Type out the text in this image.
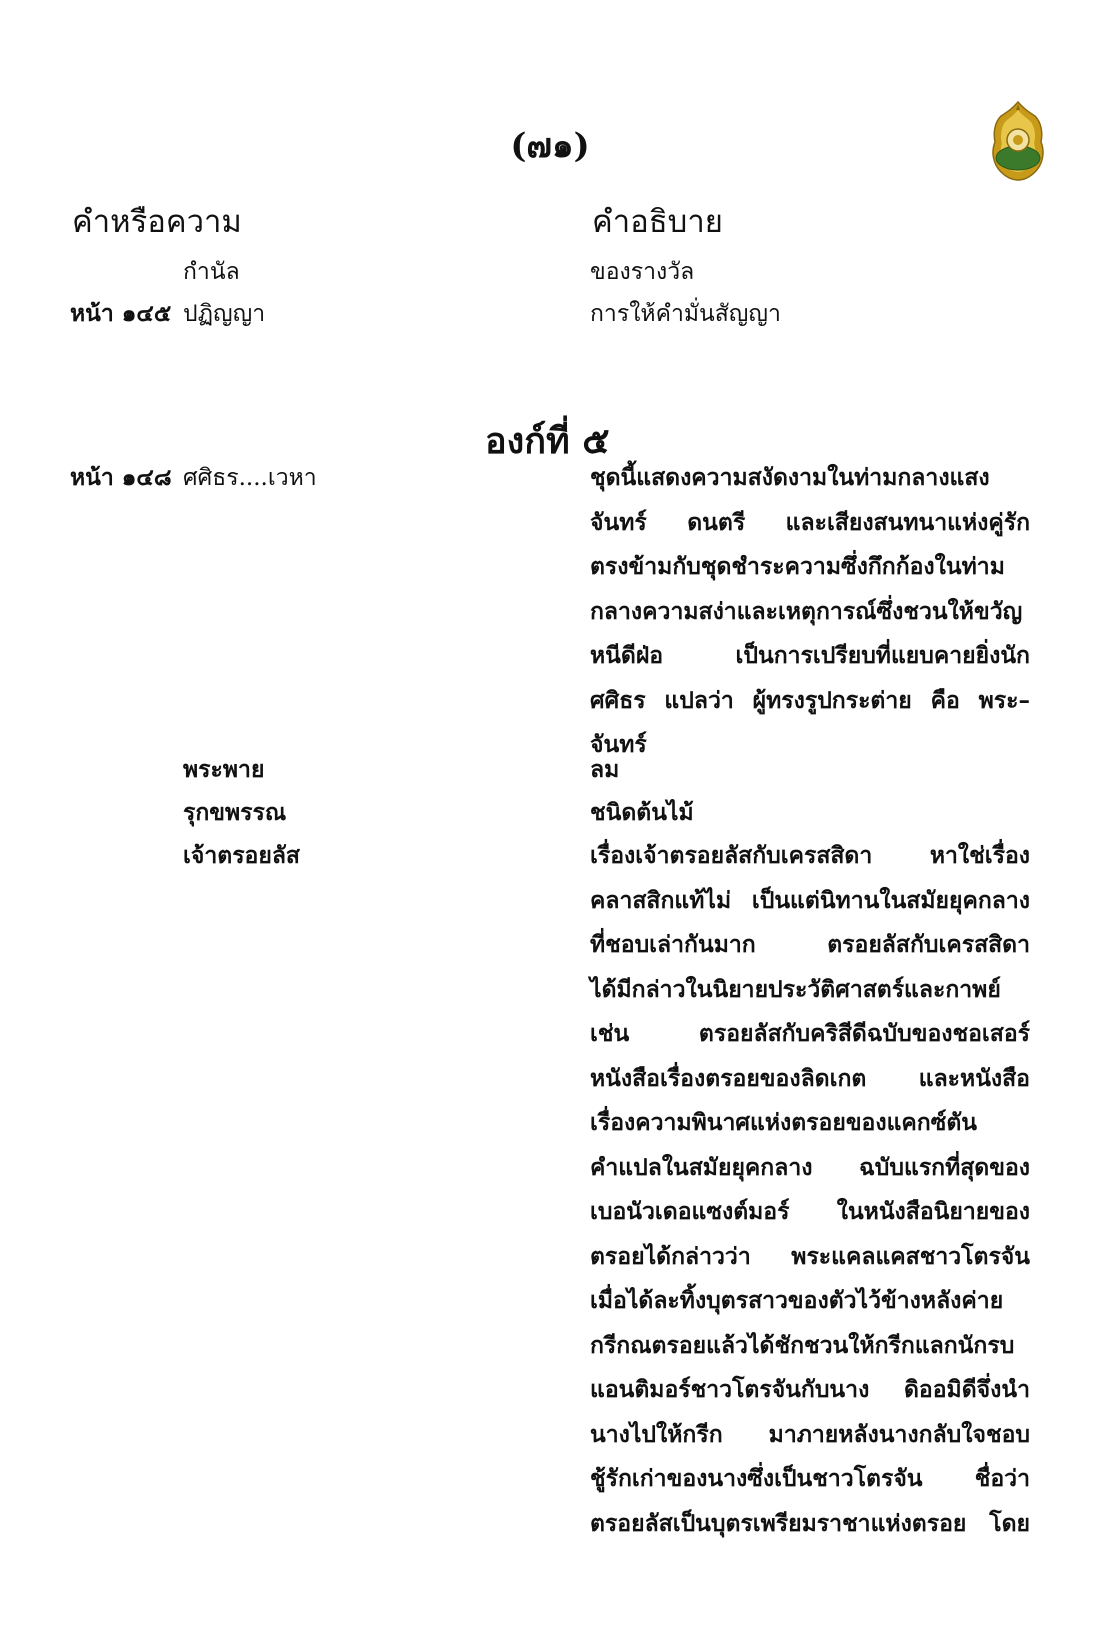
(๗๑)
คำหรือความ	คำอธิบาย
กำนัล	ของรางวัล
หน้า ๑๔๕ ปฏิญญา	การให้คำมั่นสัญญา
องก์ที่ ๕
หน้า ๑๔๘ ศศิธร....เวหา	ชุดนี้แสดงความสงัดงามในท่ามกลางแสง
จันทร์ ดนตรี และเสียงสนทนาแห่งคู่รัก
ตรงข้ามกับชุดชำระความซึ่งกึกก้องในท่าม
กลางความสง่าและเหตุการณ์ซึ่งชวนให้ขวัญ
หนีดีฝ่อ เป็นการเปรียบที่แยบคายยิ่งนัก
ศศิธร แปลว่า ผู้ทรงรูปกระต่าย คือ พระ–
จันทร์
พระพาย	ลม
รุกขพรรณ	ชนิดต้นไม้
เจ้าตรอยลัส	เรื่องเจ้าตรอยลัสกับเครสสิดา หาใช่เรื่อง
คลาสสิกแท้ไม่ เป็นแต่นิทานในสมัยยุคกลาง
ที่ชอบเล่ากันมาก ตรอยลัสกับเครสสิดา
ได้มีกล่าวในนิยายประวัติศาสตร์และกาพย์
เช่น ตรอยลัสกับคริสีดีฉบับของชอเสอร์
หนังสือเรื่องตรอยของลิดเกต และหนังสือ
เรื่องความพินาศแห่งตรอยของแคกซ์ตัน
คำแปลในสมัยยุคกลาง ฉบับแรกที่สุดของ
เบอนัวเดอแซงต์มอร์ ในหนังสือนิยายของ
ตรอยได้กล่าวว่า พระแคลแคสชาวโตรจัน
เมื่อได้ละทิ้งบุตรสาวของตัวไว้ข้างหลังค่าย
กรีกณตรอยแล้วได้ชักชวนให้กรีกแลกนักรบ
แอนติมอร์ชาวโตรจันกับนาง ดิออมิดีจึ่งนำ
นางไปให้กรีก มาภายหลังนางกลับใจชอบ
ชู้รักเก่าของนางซึ่งเป็นชาวโตรจัน ชื่อว่า
ตรอยลัสเป็นบุตรเพรียมราชาแห่งตรอย โดย
